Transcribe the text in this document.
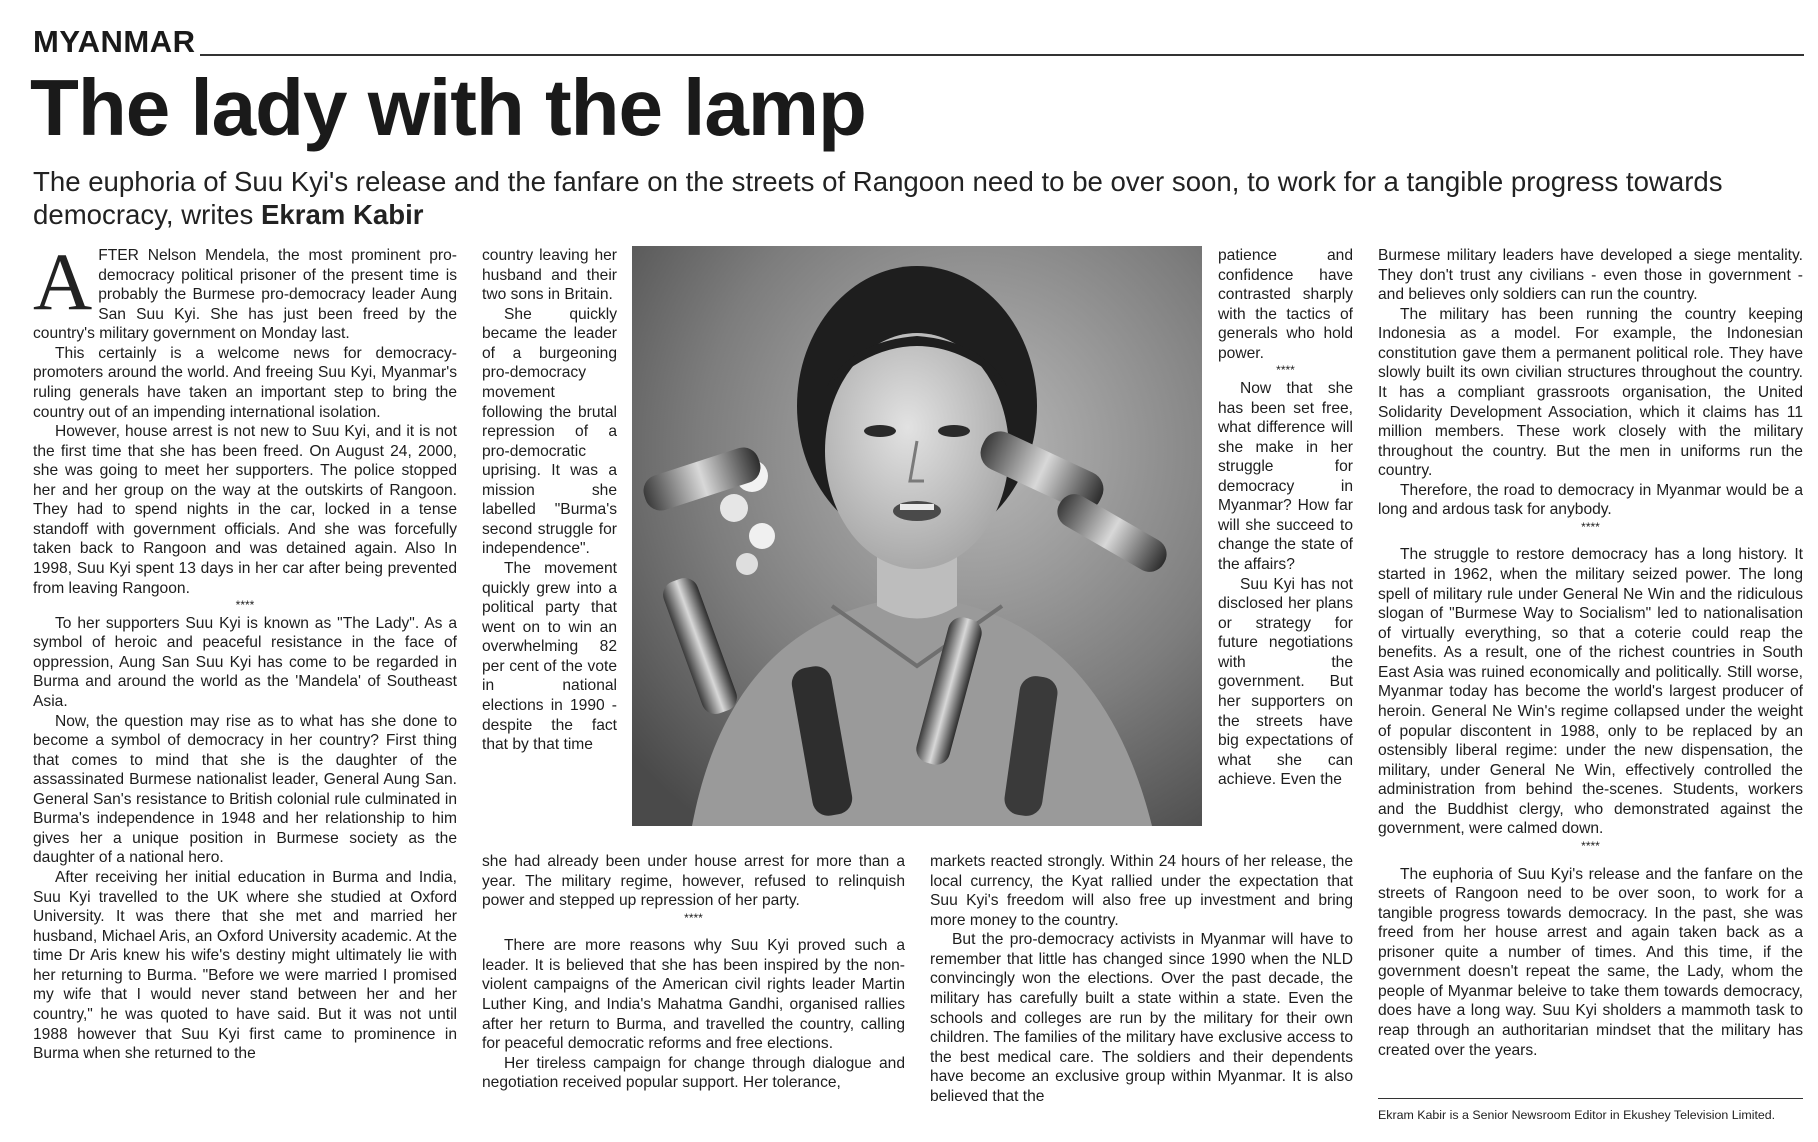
MYANMAR
The lady with the lamp
The euphoria of Suu Kyi's release and the fanfare on the streets of Rangoon need to be over soon, to work for a tangible progress towards democracy, writes Ekram Kabir

AFTER Nelson Mendela, the most prominent pro-democracy political prisoner of the present time is probably the Burmese pro-democracy leader Aung San Suu Kyi. She has just been freed by the country's military government on Monday last.

This certainly is a welcome news for democracy-promoters around the world. And freeing Suu Kyi, Myanmar's ruling generals have taken an important step to bring the country out of an impending international isolation.

However, house arrest is not new to Suu Kyi, and it is not the first time that she has been freed. On August 24, 2000, she was going to meet her supporters. The police stopped her and her group on the way at the outskirts of Rangoon. They had to spend nights in the car, locked in a tense standoff with government officials. And she was forcefully taken back to Rangoon and was detained again. Also In 1998, Suu Kyi spent 13 days in her car after being prevented from leaving Rangoon.

****

To her supporters Suu Kyi is known as "The Lady". As a symbol of heroic and peaceful resistance in the face of oppression, Aung San Suu Kyi has come to be regarded in Burma and around the world as the 'Mandela' of Southeast Asia.

Now, the question may rise as to what has she done to become a symbol of democracy in her country? First thing that comes to mind that she is the daughter of the assassinated Burmese nationalist leader, General Aung San. General San's resistance to British colonial rule culminated in Burma's independence in 1948 and her relationship to him gives her a unique position in Burmese society as the daughter of a national hero.

After receiving her initial education in Burma and India, Suu Kyi travelled to the UK where she studied at Oxford University. It was there that she met and married her husband, Michael Aris, an Oxford University academic. At the time Dr Aris knew his wife's destiny might ultimately lie with her returning to Burma. "Before we were married I promised my wife that I would never stand between her and her country," he was quoted to have said. But it was not until 1988 however that Suu Kyi first came to prominence in Burma when she returned to the

country leaving her husband and their two sons in Britain.

She quickly became the leader of a burgeoning pro-democracy movement following the brutal repression of a pro-democratic uprising. It was a mission she labelled "Burma's second struggle for independence".

The movement quickly grew into a political party that went on to win an overwhelming 82 per cent of the vote in national elections in 1990 - despite the fact that by that time

she had already been under house arrest for more than a year. The military regime, however, refused to relinquish power and stepped up repression of her party.

****

There are more reasons why Suu Kyi proved such a leader. It is believed that she has been inspired by the non-violent campaigns of the American civil rights leader Martin Luther King, and India's Mahatma Gandhi, organised rallies after her return to Burma, and travelled the country, calling for peaceful democratic reforms and free elections.

Her tireless campaign for change through dialogue and negotiation received popular support. Her tolerance,

patience and confidence have contrasted sharply with the tactics of generals who hold power.

****

Now that she has been set free, what difference will she make in her struggle for democracy in Myanmar? How far will she succeed to change the state of the affairs?

Suu Kyi has not disclosed her plans or strategy for future negotiations with the government. But her supporters on the streets have big expectations of what she can achieve. Even the

markets reacted strongly. Within 24 hours of her release, the local currency, the Kyat rallied under the expectation that Suu Kyi's freedom will also free up investment and bring more money to the country.

But the pro-democracy activists in Myanmar will have to remember that little has changed since 1990 when the NLD convincingly won the elections. Over the past decade, the military has carefully built a state within a state. Even the schools and colleges are run by the military for their own children. The families of the military have exclusive access to the best medical care. The soldiers and their dependents have become an exclusive group within Myanmar. It is also believed that the

Burmese military leaders have developed a siege mentality. They don't trust any civilians - even those in government - and believes only soldiers can run the country.

The military has been running the country keeping Indonesia as a model. For example, the Indonesian constitution gave them a permanent political role. They have slowly built its own civilian structures throughout the country. It has a compliant grassroots organisation, the United Solidarity Development Association, which it claims has 11 million members. These work closely with the military throughout the country. But the men in uniforms run the country.

Therefore, the road to democracy in Myanmar would be a long and ardous task for anybody.

****

The struggle to restore democracy has a long history. It started in 1962, when the military seized power. The long spell of military rule under General Ne Win and the ridiculous slogan of "Burmese Way to Socialism" led to nationalisation of virtually everything, so that a coterie could reap the benefits. As a result, one of the richest countries in South East Asia was ruined economically and politically. Still worse, Myanmar today has become the world's largest producer of heroin. General Ne Win's regime collapsed under the weight of popular discontent in 1988, only to be replaced by an ostensibly liberal regime: under the new dispensation, the military, under General Ne Win, effectively controlled the administration from behind the-scenes. Students, workers and the Buddhist clergy, who demonstrated against the government, were calmed down.

****

The euphoria of Suu Kyi's release and the fanfare on the streets of Rangoon need to be over soon, to work for a tangible progress towards democracy. In the past, she was freed from her house arrest and again taken back as a prisoner quite a number of times. And this time, if the government doesn't repeat the same, the Lady, whom the people of Myanmar beleive to take them towards democracy, does have a long way. Suu Kyi sholders a mammoth task to reap through an authoritarian mindset that the military has created over the years.

Ekram Kabir is a Senior Newsroom Editor in Ekushey Television Limited.
